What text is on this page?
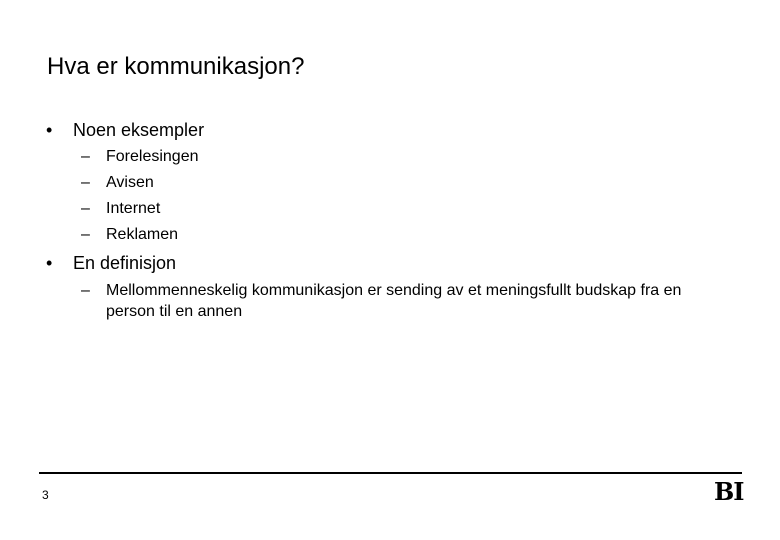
Hva er kommunikasjon?
• Noen eksempler
– Forelesingen
– Avisen
– Internet
– Reklamen
• En definisjon
– Mellommenneskelig kommunikasjon er sending av et meningsfullt budskap fra en person til en annen
3	BI
